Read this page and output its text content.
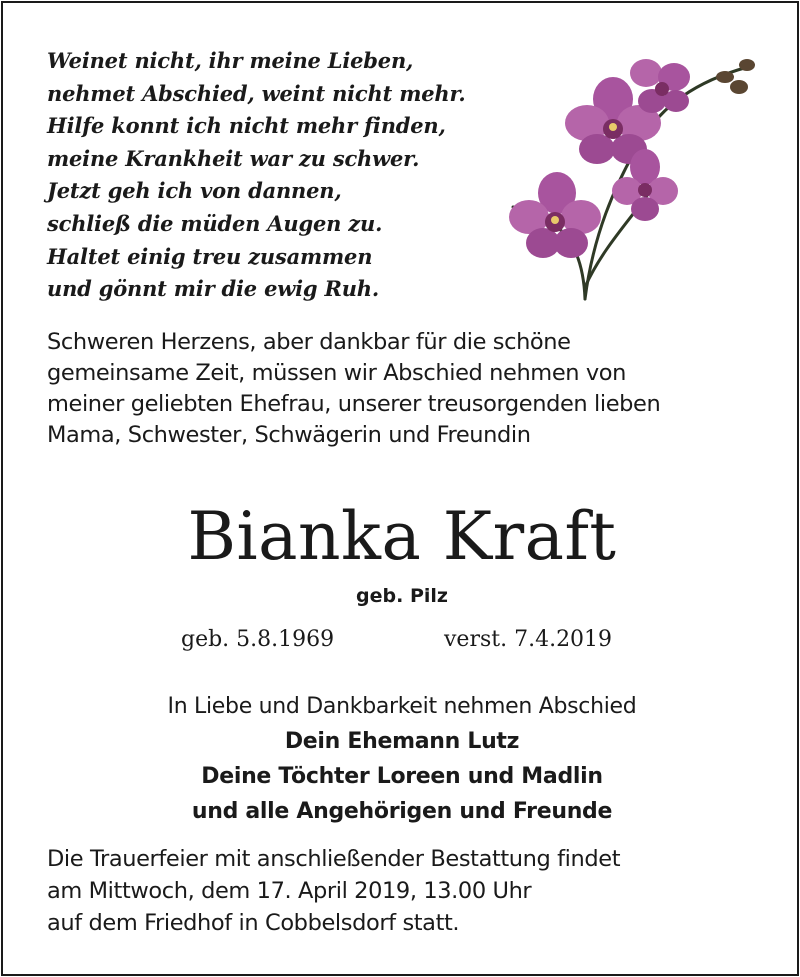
Weinet nicht, ihr meine Lieben,
nehmet Abschied, weint nicht mehr.
Hilfe konnt ich nicht mehr finden,
meine Krankheit war zu schwer.
Jetzt geh ich von dannen,
schließ die müden Augen zu.
Haltet einig treu zusammen
und gönnt mir die ewig Ruh.
Schweren Herzens, aber dankbar für die schöne
gemeinsame Zeit, müssen wir Abschied nehmen von
meiner geliebten Ehefrau, unserer treusorgenden lieben
Mama, Schwester, Schwägerin und Freundin
Bianka Kraft
geb. Pilz
geb. 5.8.1969	verst. 7.4.2019
In Liebe und Dankbarkeit nehmen Abschied
Dein Ehemann Lutz
Deine Töchter Loreen und Madlin
und alle Angehörigen und Freunde
Die Trauerfeier mit anschließender Bestattung findet
am Mittwoch, dem 17. April 2019, 13.00 Uhr
auf dem Friedhof in Cobbelsdorf statt.
